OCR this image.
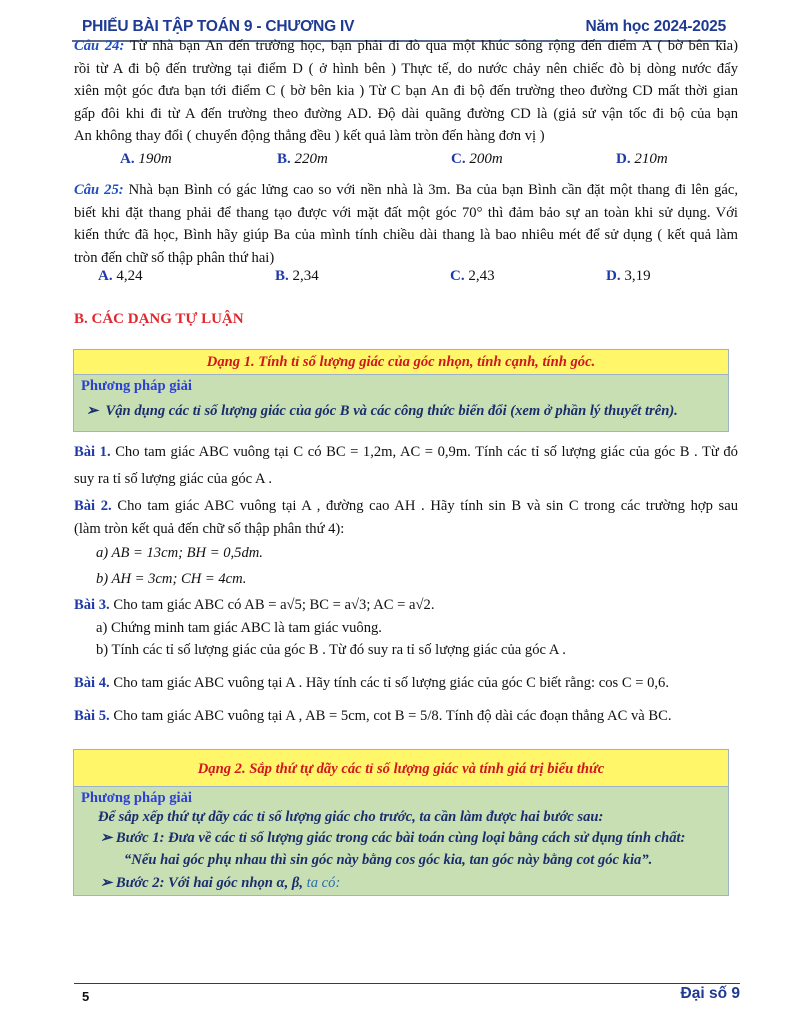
PHIẾU BÀI TẬP TOÁN 9 - CHƯƠNG IV	Năm học 2024-2025
Câu 24: Từ nhà bạn An đến trường học, bạn phải đi đò qua một khúc sông rộng đến điểm A ( bờ bên kia)
rồi từ A đi bộ đến trường tại điểm D ( ở hình bên ) Thực tế, do nước chảy nên chiếc đò bị dòng nước đẩy
xiên một góc đưa bạn tới điểm C ( bờ bên kia ) Từ C bạn An đi bộ đến trường theo đường CD mất thời gian
gấp đôi khi đi từ A đến trường theo đường AD. Độ dài quãng đường CD là (giả sử vận tốc đi bộ của bạn
An không thay đổi ( chuyển động thẳng đều ) kết quả làm tròn đến hàng đơn vị )
A. 190m	B. 220m	C. 200m	D. 210m
Câu 25: Nhà bạn Bình có gác lửng cao so với nền nhà là 3m. Ba của bạn Bình cần đặt một thang đi lên gác,
biết khi đặt thang phải để thang tạo được với mặt đất một góc 70° thì đảm bảo sự an toàn khi sử dụng. Với
kiến thức đã học, Bình hãy giúp Ba của mình tính chiều dài thang là bao nhiêu mét để sử dụng ( kết quả làm
tròn đến chữ số thập phân thứ hai)
A. 4,24	B. 2,34	C. 2,43	D. 3,19
B. CÁC DẠNG TỰ LUẬN
Dạng 1. Tính tỉ số lượng giác của góc nhọn, tính cạnh, tính góc.
Phương pháp giải
➢ Vận dụng các tỉ số lượng giác của góc B và các công thức biến đổi (xem ở phần lý thuyết trên).
Bài 1. Cho tam giác ABC vuông tại C có BC = 1,2m, AC = 0,9m. Tính các tỉ số lượng giác của góc B . Từ đó
suy ra tỉ số lượng giác của góc A .
Bài 2. Cho tam giác ABC vuông tại A , đường cao AH . Hãy tính sin B và sin C trong các trường hợp sau
(làm tròn kết quả đến chữ số thập phân thứ 4):
a) AB = 13cm; BH = 0,5dm.
b) AH = 3cm; CH = 4cm.
Bài 3. Cho tam giác ABC có AB = a√5; BC = a√3; AC = a√2.
a) Chứng minh tam giác ABC là tam giác vuông.
b) Tính các tỉ số lượng giác của góc B . Từ đó suy ra tỉ số lượng giác của góc A .
Bài 4. Cho tam giác ABC vuông tại A . Hãy tính các tỉ số lượng giác của góc C biết rằng: cos C = 0,6.
Bài 5. Cho tam giác ABC vuông tại A , AB = 5cm, cot B = 5/8. Tính độ dài các đoạn thẳng AC và BC.
Dạng 2. Sắp thứ tự dãy các tỉ số lượng giác và tính giá trị biểu thức
Phương pháp giải
Để sắp xếp thứ tự dãy các tỉ số lượng giác cho trước, ta cần làm được hai bước sau:
➢ Bước 1: Đưa về các tỉ số lượng giác trong các bài toán cùng loại bằng cách sử dụng tính chất:
“Nếu hai góc phụ nhau thì sin góc này bằng cos góc kia, tan góc này bằng cot góc kia”.
➢ Bước 2: Với hai góc nhọn α, β, ta có:
5	Đại số 9
